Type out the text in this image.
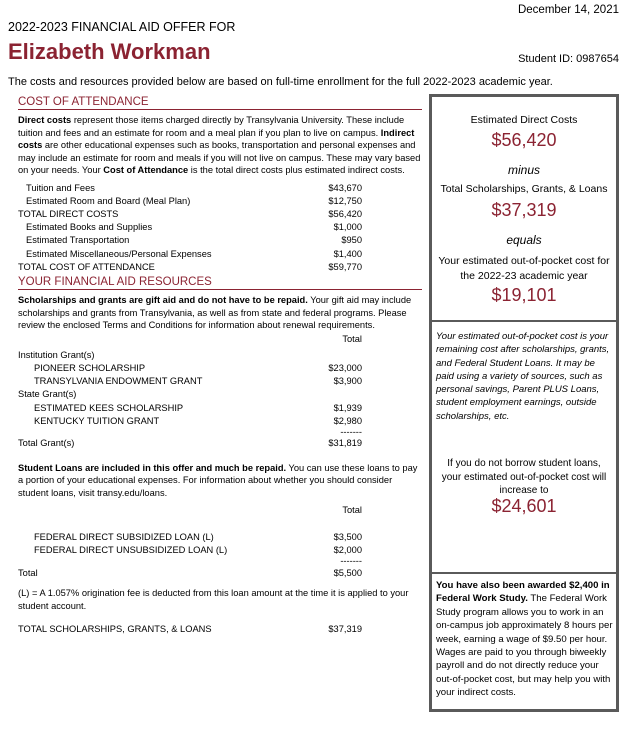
December 14, 2021
2022-2023 FINANCIAL AID OFFER FOR
Elizabeth Workman	Student ID: 0987654
The costs and resources provided below are based on full-time enrollment for the full 2022-2023 academic year.
COST OF ATTENDANCE

Direct costs represent those items charged directly by Transylvania University. These include tuition and fees and an estimate for room and a meal plan if you plan to live on campus. Indirect costs are other educational expenses such as books, transportation and personal expenses and may include an estimate for room and meals if you will not live on campus. These may vary based on your needs. Your Cost of Attendance is the total direct costs plus estimated indirect costs.

Tuition and Fees	$43,670
Estimated Room and Board (Meal Plan)	$12,750
TOTAL DIRECT COSTS	$56,420
Estimated Books and Supplies	$1,000
Estimated Transportation	$950
Estimated Miscellaneous/Personal Expenses	$1,400
TOTAL COST OF ATTENDANCE	$59,770
YOUR FINANCIAL AID RESOURCES

Scholarships and grants are gift aid and do not have to be repaid. Your gift aid may include scholarships and grants from Transylvania, as well as from state and federal programs. Please review the enclosed Terms and Conditions for information about renewal requirements.

Total
Institution Grant(s)
PIONEER SCHOLARSHIP	$23,000
TRANSYLVANIA ENDOWMENT GRANT	$3,900
State Grant(s)
ESTIMATED KEES SCHOLARSHIP	$1,939
KENTUCKY TUITION GRANT	$2,980
-------
Total Grant(s)	$31,819

Student Loans are included in this offer and much be repaid. You can use these loans to pay a portion of your educational expenses. For information about whether you should consider student loans, visit transy.edu/loans.

Total
FEDERAL DIRECT SUBSIDIZED LOAN (L)	$3,500
FEDERAL DIRECT UNSUBSIDIZED LOAN (L)	$2,000
-------
Total	$5,500

(L) = A 1.057% origination fee is deducted from this loan amount at the time it is applied to your student account.

TOTAL SCHOLARSHIPS, GRANTS, & LOANS	$37,319
Estimated Direct Costs
$56,420
minus
Total Scholarships, Grants, & Loans
$37,319
equals
Your estimated out-of-pocket cost for the 2022-23 academic year
$19,101
Your estimated out-of-pocket cost is your remaining cost after scholarships, grants, and Federal Student Loans. It may be paid using a variety of sources, such as personal savings, Parent PLUS Loans, student employment earnings, outside scholarships, etc.
If you do not borrow student loans, your estimated out-of-pocket cost will increase to
$24,601
You have also been awarded $2,400 in Federal Work Study. The Federal Work Study program allows you to work in an on-campus job approximately 8 hours per week, earning a wage of $9.50 per hour. Wages are paid to you through biweekly payroll and do not directly reduce your out-of-pocket cost, but may help you with your indirect costs.
